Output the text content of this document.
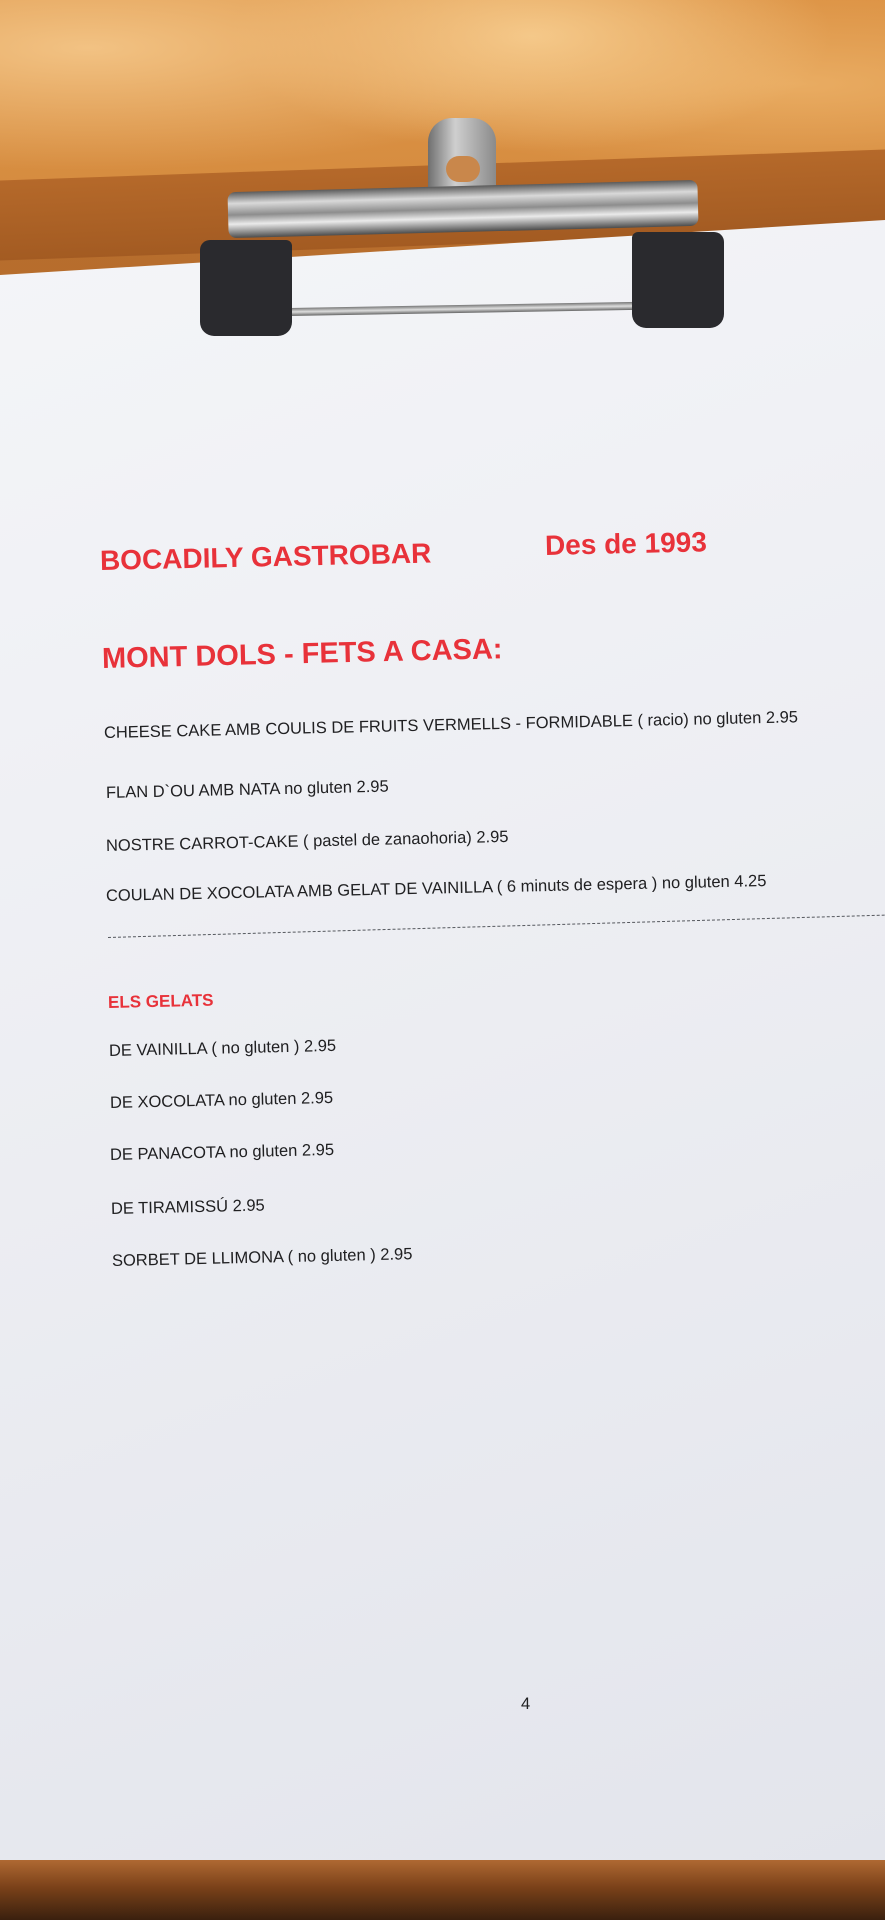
BOCADILY GASTROBAR	Des de 1993
MONT DOLS - FETS A CASA:
CHEESE CAKE AMB COULIS DE FRUITS VERMELLS - FORMIDABLE ( racio) no gluten 2.95
FLAN D`OU AMB NATA no gluten 2.95
NOSTRE CARROT-CAKE ( pastel de zanaohoria) 2.95
COULAN DE XOCOLATA AMB GELAT DE VAINILLA ( 6 minuts de espera ) no gluten 4.25
ELS GELATS
DE VAINILLA ( no gluten ) 2.95
DE XOCOLATA no gluten 2.95
DE PANACOTA no gluten 2.95
DE TIRAMISSÚ 2.95
SORBET DE LLIMONA ( no gluten ) 2.95
4
